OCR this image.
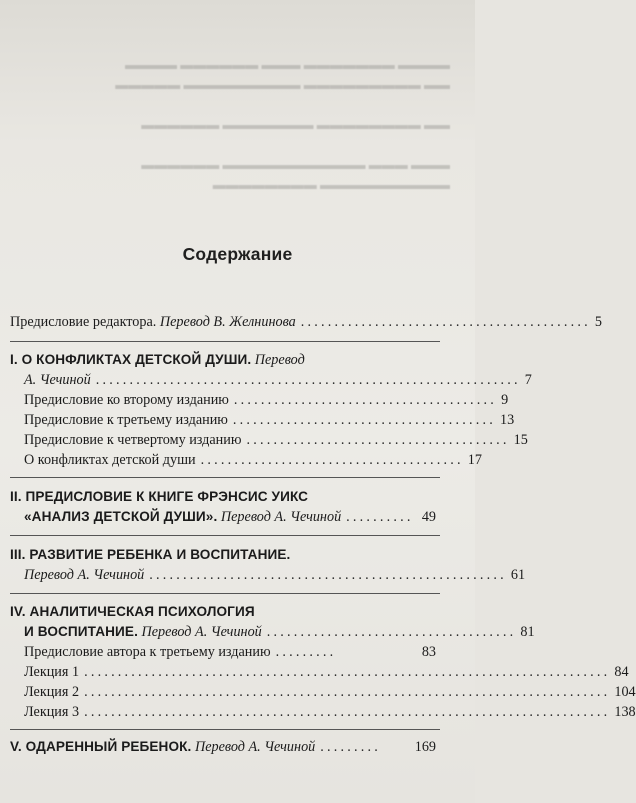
▬▬▬▬ ▬▬▬▬▬▬▬ ▬▬▬ ▬▬▬▬▬▬ ▬▬▬▬
▬▬ ▬▬▬▬▬▬▬▬▬ ▬▬▬▬▬▬▬▬▬ ▬▬▬▬▬

▬▬ ▬▬▬▬▬▬▬▬ ▬▬▬▬▬▬▬ ▬▬▬▬▬▬

▬▬▬ ▬▬▬ ▬▬▬▬▬▬▬▬▬▬▬ ▬▬▬▬▬▬
▬▬▬▬▬▬▬▬▬▬ ▬▬▬▬▬▬▬▬
Содержание
Предисловие редактора.
Перевод В. Желнинова ........................................... 5
I. О КОНФЛИКТАХ ДЕТСКОЙ ДУШИ.
Перевод
А. Чечиной ............................................................... 7
Предисловие ко второму изданию ....................................... 9
Предисловие к третьему изданию ....................................... 13
Предисловие к четвертому изданию ....................................... 15
О конфликтах детской души ....................................... 17
II. ПРЕДИСЛОВИЕ К КНИГЕ ФРЭНСИС УИКС
«АНАЛИЗ ДЕТСКОЙ ДУШИ».
Перевод А. Чечиной .......... 49
III. РАЗВИТИЕ РЕБЕНКА И ВОСПИТАНИЕ.
Перевод А. Чечиной ..................................................... 61
IV. АНАЛИТИЧЕСКАЯ ПСИХОЛОГИЯ
И ВОСПИТАНИЕ.
Перевод А. Чечиной ..................................... 81
Предисловие автора к третьему изданию .........	83
Лекция 1 .............................................................................. 84
Лекция 2 .............................................................................. 104
Лекция 3 .............................................................................. 138
V. ОДАРЕННЫЙ РЕБЕНОК.
Перевод А. Чечиной .........	169
